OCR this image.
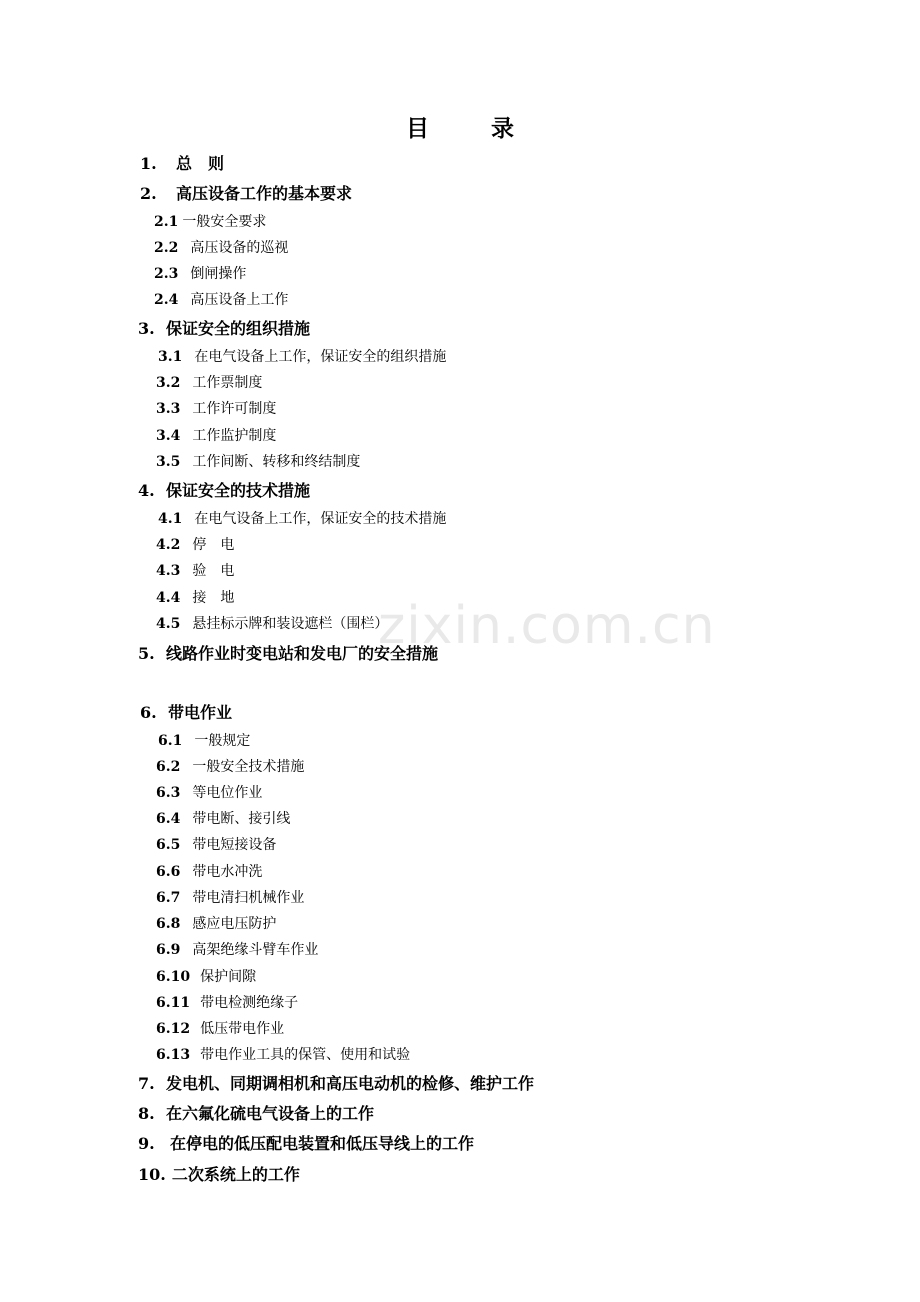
zixin.com.cn
目录
1. 总　则
2. 高压设备工作的基本要求
2.1 一般安全要求
2.2 高压设备的巡视
2.3 倒闸操作
2.4 高压设备上工作
3. 保证安全的组织措施
3.1 在电气设备上工作，保证安全的组织措施
3.2 工作票制度
3.3 工作许可制度
3.4 工作监护制度
3.5 工作间断、转移和终结制度
4. 保证安全的技术措施
4.1 在电气设备上工作，保证安全的技术措施
4.2 停　电
4.3 验　电
4.4 接　地
4.5 悬挂标示牌和装设遮栏（围栏）
5. 线路作业时变电站和发电厂的安全措施
6. 带电作业
6.1 一般规定
6.2 一般安全技术措施
6.3 等电位作业
6.4 带电断、接引线
6.5 带电短接设备
6.6 带电水冲洗
6.7 带电清扫机械作业
6.8 感应电压防护
6.9 高架绝缘斗臂车作业
6.10 保护间隙
6.11 带电检测绝缘子
6.12 低压带电作业
6.13 带电作业工具的保管、使用和试验
7. 发电机、同期调相机和高压电动机的检修、维护工作
8. 在六氟化硫电气设备上的工作
9. 在停电的低压配电装置和低压导线上的工作
10. 二次系统上的工作
